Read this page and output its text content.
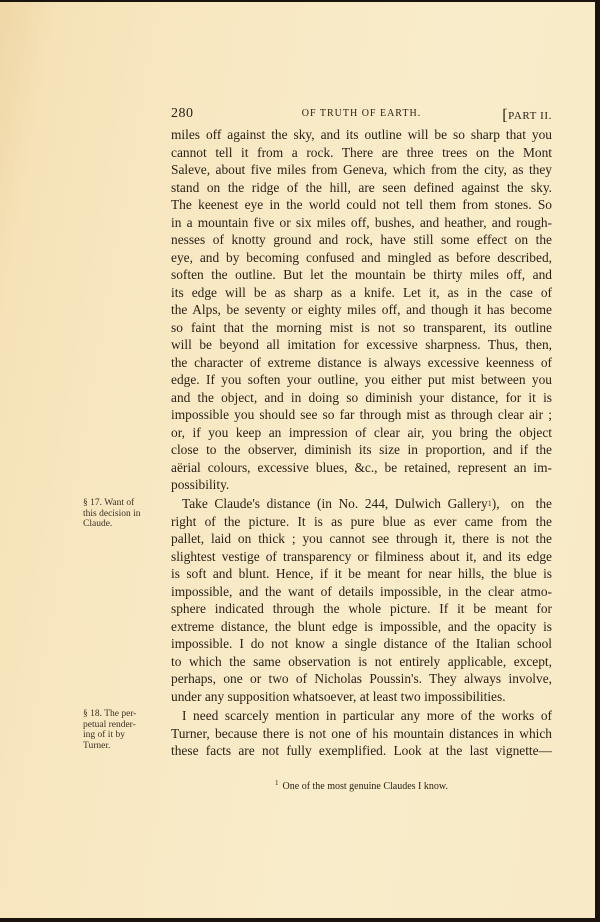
280	OF TRUTH OF EARTH.	[PART II.
miles off against the sky, and its outline will be so sharp that you
cannot tell it from a rock. There are three trees on the Mont
Saleve, about five miles from Geneva, which from the city, as they
stand on the ridge of the hill, are seen defined against the sky.
The keenest eye in the world could not tell them from stones. So
in a mountain five or six miles off, bushes, and heather, and rough-
nesses of knotty ground and rock, have still some effect on the
eye, and by becoming confused and mingled as before described,
soften the outline. But let the mountain be thirty miles off, and
its edge will be as sharp as a knife. Let it, as in the case of
the Alps, be seventy or eighty miles off, and though it has become
so faint that the morning mist is not so transparent, its outline
will be beyond all imitation for excessive sharpness. Thus, then,
the character of extreme distance is always excessive keenness of
edge. If you soften your outline, you either put mist between you
and the object, and in doing so diminish your distance, for it is
impossible you should see so far through mist as through clear air ;
or, if you keep an impression of clear air, you bring the object
close to the observer, diminish its size in proportion, and if the
aërial colours, excessive blues, &c., be retained, represent an im-
possibility.
Take Claude's distance (in No. 244, Dulwich Gallery 1 ), on the
right of the picture. It is as pure blue as ever came from the
pallet, laid on thick ; you cannot see through it, there is not the
slightest vestige of transparency or filminess about it, and its edge
is soft and blunt. Hence, if it be meant for near hills, the blue is
impossible, and the want of details impossible, in the clear atmo-
sphere indicated through the whole picture. If it be meant for
extreme distance, the blunt edge is impossible, and the opacity is
impossible. I do not know a single distance of the Italian school
to which the same observation is not entirely applicable, except,
perhaps, one or two of Nicholas Poussin's. They always involve,
under any supposition whatsoever, at least two impossibilities.
I need scarcely mention in particular any more of the works of
Turner, because there is not one of his mountain distances in which
these facts are not fully exemplified. Look at the last vignette—
§ 17. Want of
this decision in
Claude.
§ 18. The per-
petual render-
ing of it by
Turner.
$^1$ One of the most genuine Claudes I know.
